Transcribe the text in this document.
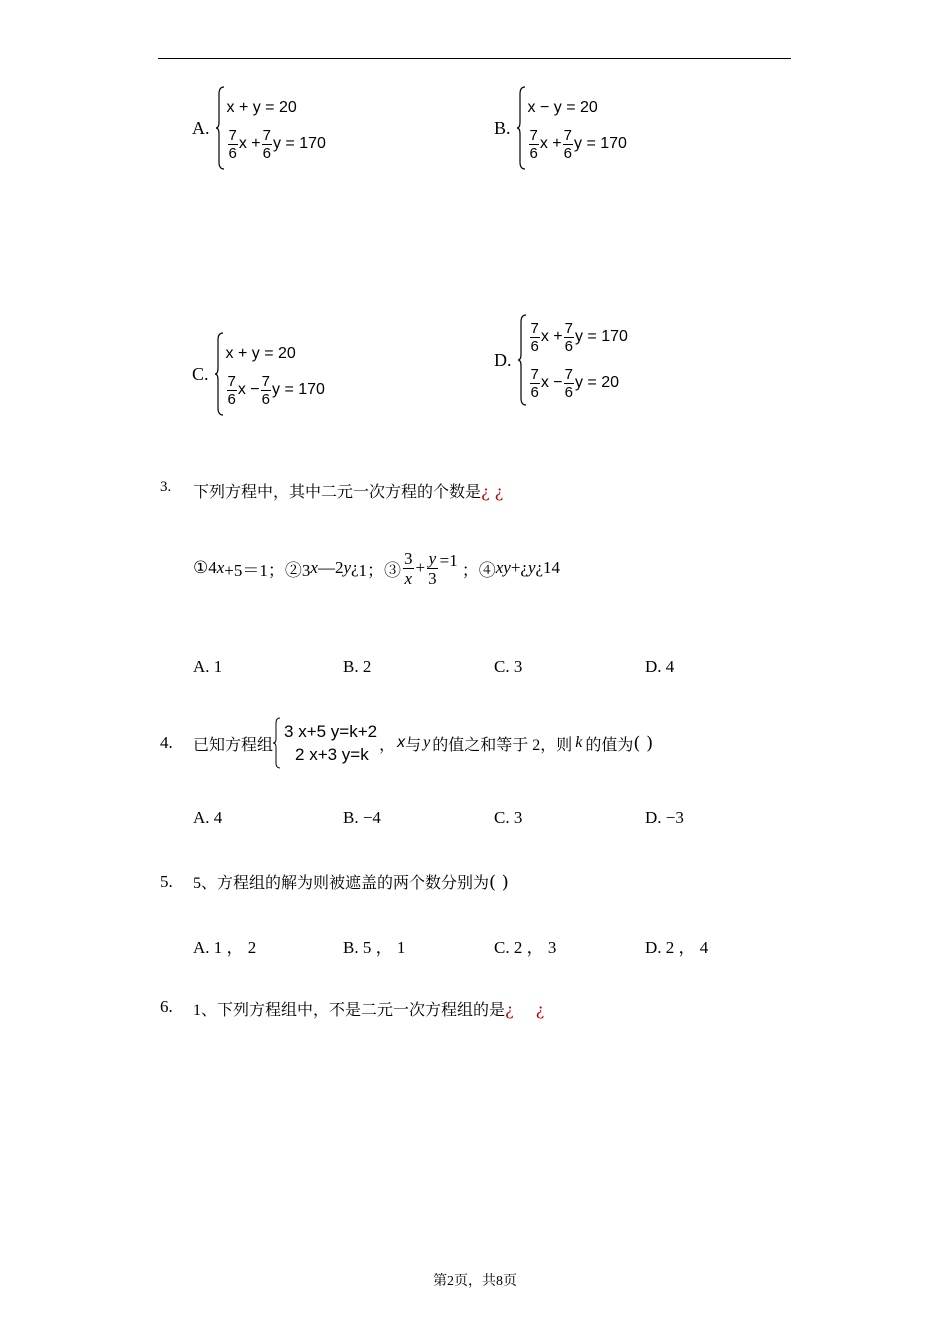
A.
x + y = 20
$\frac{7}{6}$ $x + \frac{7}{6}$ y = 170
B.
x − y = 20
$\frac{7}{6}$ $x + \frac{7}{6}$ y = 170
C.
x + y = 20
$\frac{7}{6}$ $x - \frac{7}{6}$ y = 170
D.
$\frac{7}{6}$ $x + \frac{7}{6}$ y = 170
$\frac{7}{6}$ $x - \frac{7}{6}$ y = 20
3. 下列方程中，其中二元一次方程的个数是¿ ¿
①4 x +5＝1；②3 x —2 y ¿ 1；③ $\frac{3}{x} + \frac{y}{3} =1$ ；④ xy + ¿ y ¿ 14
A. 1	B. 2	C. 3	D. 4
4. 已知方程组
3 x+5 y=k+2
2 x+3 y=k ， x 与 y 的值之和等于 2，则 k 的值为 ( )
A. 4	B. −4	C. 3	D. −3
5. 5、方程组的解为则被遮盖的两个数分别为( )
A. 1 ， 2	B. 5 ， 1	C. 2 ， 3	D. 2 ， 4
6. 1、下列方程组中，不是二元一次方程组的是¿ ¿
第2页，共8页
